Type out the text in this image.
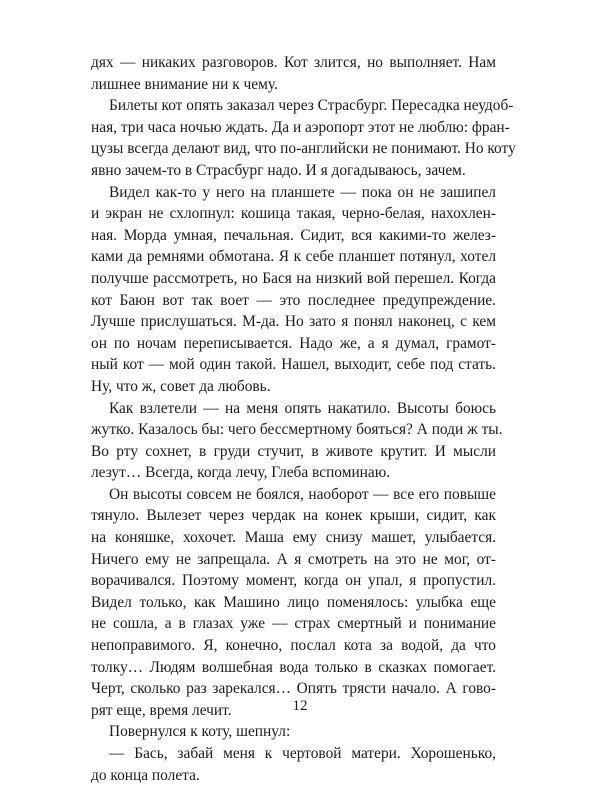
дях — никаких разговоров. Кот злится, но выполняет. Нам
лишнее внимание ни к чему.
Билеты кот опять заказал через Страсбург. Пересадка неудоб-
ная, три часа ночью ждать. Да и аэропорт этот не люблю: фран-
цузы всегда делают вид, что по-английски не понимают. Но коту
явно зачем-то в Страсбург надо. И я догадываюсь, зачем.
Видел как-то у него на планшете — пока он не зашипел
и экран не схлопнул: кошица такая, черно-белая, нахохлен-
ная. Морда умная, печальная. Сидит, вся какими-то желез-
ками да ремнями обмотана. Я к себе планшет потянул, хотел
получше рассмотреть, но Бася на низкий вой перешел. Когда
кот Баюн вот так воет — это последнее предупреждение.
Лучше прислушаться. М-да. Но зато я понял наконец, с кем
он по ночам переписывается. Надо же, а я думал, грамот-
ный кот — мой один такой. Нашел, выходит, себе под стать.
Ну, что ж, совет да любовь.
Как взлетели — на меня опять накатило. Высоты боюсь
жутко. Казалось бы: чего бессмертному бояться? А поди ж ты.
Во рту сохнет, в груди стучит, в животе крутит. И мысли
лезут… Всегда, когда лечу, Глеба вспоминаю.
Он высоты совсем не боялся, наоборот — все его повыше
тянуло. Вылезет через чердак на конек крыши, сидит, как
на коняшке, хохочет. Маша ему снизу машет, улыбается.
Ничего ему не запрещала. А я смотреть на это не мог, от-
ворачивался. Поэтому момент, когда он упал, я пропустил.
Видел только, как Машино лицо поменялось: улыбка еще
не сошла, а в глазах уже — страх смертный и понимание
непоправимого. Я, конечно, послал кота за водой, да что
толку… Людям волшебная вода только в сказках помогает.
Черт, сколько раз зарекался… Опять трясти начало. А гово-
рят еще, время лечит.
Повернулся к коту, шепнул:
— Бась, забай меня к чертовой матери. Хорошенько,
до конца полета.
12
